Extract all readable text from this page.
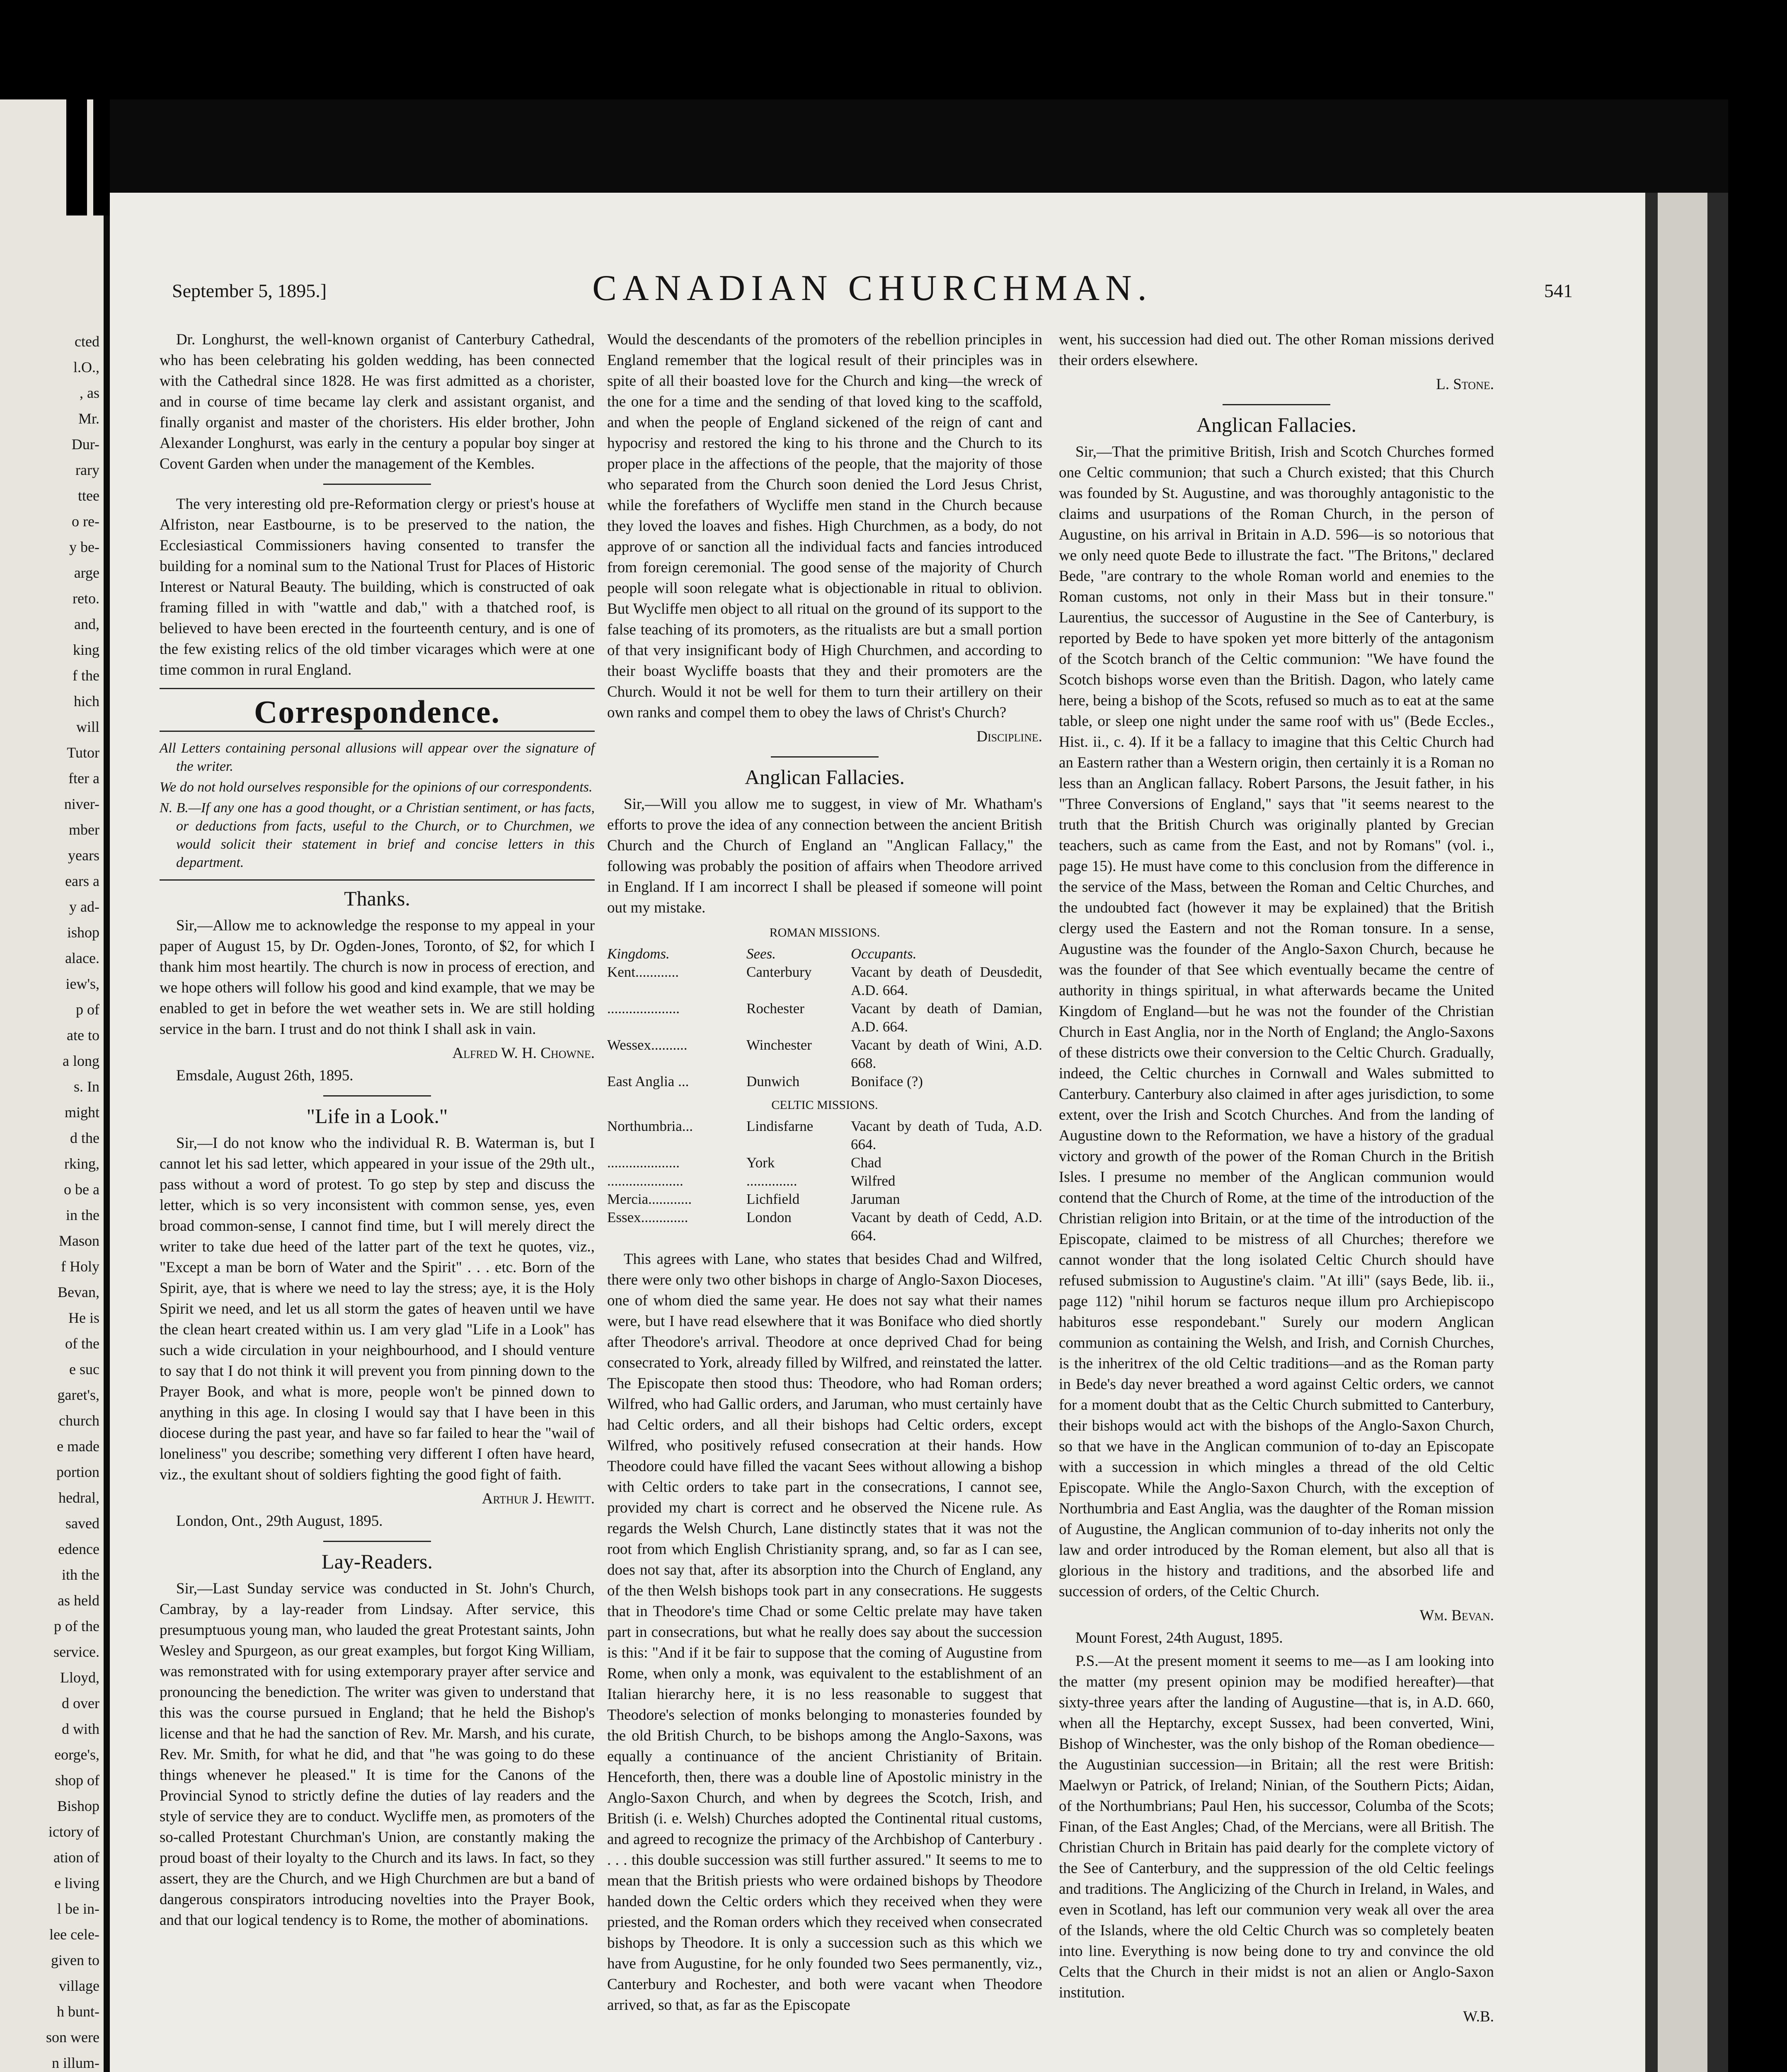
cted
l.O.,
, as
Mr.
Dur-
rary
ttee
o re-
y be-
arge
reto.
and,
king
f the
hich
will
Tutor
fter a
niver-
mber
years
ears a
y ad-
ishop
alace.
iew's,
p of
ate to
a long
s. In
might
d the
rking,
o be a
in the
Mason
f Holy
Bevan,
He is
of the
e suc
garet's,
church
e made
portion
hedral,
saved
edence
ith the
as held
p of the
service.
Lloyd,
d over
d with
eorge's,
shop of
Bishop
ictory of
ation of
e living
l be in-
lee cele-
given to
village
h bunt-
son were
n illum-
September 5, 1895.]	CANADIAN CHURCHMAN.	541

Dr. Longhurst, the well-known organist of Canterbury Cathedral, who has been celebrating his golden wedding, has been connected with the Cathedral since 1828. He was first admitted as a chorister, and in course of time became lay clerk and assistant organist, and finally organist and master of the choristers. His elder brother, John Alexander Longhurst, was early in the century a popular boy singer at Covent Garden when under the management of the Kembles.

The very interesting old pre-Reformation clergy or priest's house at Alfriston, near Eastbourne, is to be preserved to the nation, the Ecclesiastical Commissioners having consented to transfer the building for a nominal sum to the National Trust for Places of Historic Interest or Natural Beauty. The building, which is constructed of oak framing filled in with "wattle and dab," with a thatched roof, is believed to have been erected in the fourteenth century, and is one of the few existing relics of the old timber vicarages which were at one time common in rural England.

Correspondence.
All Letters containing personal allusions will appear over the signature of the writer.
We do not hold ourselves responsible for the opinions of our correspondents.
N. B.—If any one has a good thought, or a Christian sentiment, or has facts, or deductions from facts, useful to the Church, or to Churchmen, we would solicit their statement in brief and concise letters in this department.
Thanks.

Sir,—Allow me to acknowledge the response to my appeal in your paper of August 15, by Dr. Ogden-Jones, Toronto, of $2, for which I thank him most heartily. The church is now in process of erection, and we hope others will follow his good and kind example, that we may be enabled to get in before the wet weather sets in. We are still holding service in the barn. I trust and do not think I shall ask in vain.

Alfred W. H. Chowne.
Emsdale, August 26th, 1895.
"Life in a Look."

Sir,—I do not know who the individual R. B. Waterman is, but I cannot let his sad letter, which appeared in your issue of the 29th ult., pass without a word of protest. To go step by step and discuss the letter, which is so very inconsistent with common sense, yes, even broad common-sense, I cannot find time, but I will merely direct the writer to take due heed of the latter part of the text he quotes, viz., "Except a man be born of Water and the Spirit" . . . etc. Born of the Spirit, aye, that is where we need to lay the stress; aye, it is the Holy Spirit we need, and let us all storm the gates of heaven until we have the clean heart created within us. I am very glad "Life in a Look" has such a wide circulation in your neighbourhood, and I should venture to say that I do not think it will prevent you from pinning down to the Prayer Book, and what is more, people won't be pinned down to anything in this age. In closing I would say that I have been in this diocese during the past year, and have so far failed to hear the "wail of loneliness" you describe; something very different I often have heard, viz., the exultant shout of soldiers fighting the good fight of faith.

Arthur J. Hewitt.
London, Ont., 29th August, 1895.
Lay-Readers.

Sir,—Last Sunday service was conducted in St. John's Church, Cambray, by a lay-reader from Lindsay. After service, this presumptuous young man, who lauded the great Protestant saints, John Wesley and Spurgeon, as our great examples, but forgot King William, was remonstrated with for using extemporary prayer after service and pronouncing the benediction. The writer was given to understand that this was the course pursued in England; that he held the Bishop's license and that he had the sanction of Rev. Mr. Marsh, and his curate, Rev. Mr. Smith, for what he did, and that "he was going to do these things whenever he pleased." It is time for the Canons of the Provincial Synod to strictly define the duties of lay readers and the style of service they are to conduct. Wycliffe men, as promoters of the so-called Protestant Churchman's Union, are constantly making the proud boast of their loyalty to the Church and its laws. In fact, so they assert, they are the Church, and we High Churchmen are but a band of dangerous conspirators introducing novelties into the Prayer Book, and that our logical tendency is to Rome, the mother of abominations.

Would the descendants of the promoters of the rebellion principles in England remember that the logical result of their principles was in spite of all their boasted love for the Church and king—the wreck of the one for a time and the sending of that loved king to the scaffold, and when the people of England sickened of the reign of cant and hypocrisy and restored the king to his throne and the Church to its proper place in the affections of the people, that the majority of those who separated from the Church soon denied the Lord Jesus Christ, while the forefathers of Wycliffe men stand in the Church because they loved the loaves and fishes. High Churchmen, as a body, do not approve of or sanction all the individual facts and fancies introduced from foreign ceremonial. The good sense of the majority of Church people will soon relegate what is objectionable in ritual to oblivion. But Wycliffe men object to all ritual on the ground of its support to the false teaching of its promoters, as the ritualists are but a small portion of that very insignificant body of High Churchmen, and according to their boast Wycliffe boasts that they and their promoters are the Church. Would it not be well for them to turn their artillery on their own ranks and compel them to obey the laws of Christ's Church?

Discipline.
Anglican Fallacies.

Sir,—Will you allow me to suggest, in view of Mr. Whatham's efforts to prove the idea of any connection between the ancient British Church and the Church of England an "Anglican Fallacy," the following was probably the position of affairs when Theodore arrived in England. If I am incorrect I shall be pleased if someone will point out my mistake.

ROMAN MISSIONS.
Kingdoms.	Sees.	Occupants.
Kent............	Canterbury	Vacant by death of Deusdedit, A.D. 664.
....................	Rochester	Vacant by death of Damian, A.D. 664.
Wessex..........	Winchester	Vacant by death of Wini, A.D. 668.
East Anglia ...	Dunwich	Boniface (?)
CELTIC MISSIONS.
Northumbria...	Lindisfarne	Vacant by death of Tuda, A.D. 664.
....................	York	Chad
.....................	..............	Wilfred
Mercia............	Lichfield	Jaruman
Essex.............	London	Vacant by death of Cedd, A.D. 664.

This agrees with Lane, who states that besides Chad and Wilfred, there were only two other bishops in charge of Anglo-Saxon Dioceses, one of whom died the same year. He does not say what their names were, but I have read elsewhere that it was Boniface who died shortly after Theodore's arrival. Theodore at once deprived Chad for being consecrated to York, already filled by Wilfred, and reinstated the latter. The Episcopate then stood thus: Theodore, who had Roman orders; Wilfred, who had Gallic orders, and Jaruman, who must certainly have had Celtic orders, and all their bishops had Celtic orders, except Wilfred, who positively refused consecration at their hands. How Theodore could have filled the vacant Sees without allowing a bishop with Celtic orders to take part in the consecrations, I cannot see, provided my chart is correct and he observed the Nicene rule. As regards the Welsh Church, Lane distinctly states that it was not the root from which English Christianity sprang, and, so far as I can see, does not say that, after its absorption into the Church of England, any of the then Welsh bishops took part in any consecrations. He suggests that in Theodore's time Chad or some Celtic prelate may have taken part in consecrations, but what he really does say about the succession is this: "And if it be fair to suppose that the coming of Augustine from Rome, when only a monk, was equivalent to the establishment of an Italian hierarchy here, it is no less reasonable to suggest that Theodore's selection of monks belonging to monasteries founded by the old British Church, to be bishops among the Anglo-Saxons, was equally a continuance of the ancient Christianity of Britain. Henceforth, then, there was a double line of Apostolic ministry in the Anglo-Saxon Church, and when by degrees the Scotch, Irish, and British (i. e. Welsh) Churches adopted the Continental ritual customs, and agreed to recognize the primacy of the Archbishop of Canterbury . . . . this double succession was still further assured." It seems to me to mean that the British priests who were ordained bishops by Theodore handed down the Celtic orders which they received when they were priested, and the Roman orders which they received when consecrated bishops by Theodore. It is only a succession such as this which we have from Augustine, for he only founded two Sees permanently, viz., Canterbury and Rochester, and both were vacant when Theodore arrived, so that, as far as the Episcopate

went, his succession had died out. The other Roman missions derived their orders elsewhere.

L. Stone.
Anglican Fallacies.

Sir,—That the primitive British, Irish and Scotch Churches formed one Celtic communion; that such a Church existed; that this Church was founded by St. Augustine, and was thoroughly antagonistic to the claims and usurpations of the Roman Church, in the person of Augustine, on his arrival in Britain in A.D. 596—is so notorious that we only need quote Bede to illustrate the fact. "The Britons," declared Bede, "are contrary to the whole Roman world and enemies to the Roman customs, not only in their Mass but in their tonsure." Laurentius, the successor of Augustine in the See of Canterbury, is reported by Bede to have spoken yet more bitterly of the antagonism of the Scotch branch of the Celtic communion: "We have found the Scotch bishops worse even than the British. Dagon, who lately came here, being a bishop of the Scots, refused so much as to eat at the same table, or sleep one night under the same roof with us" (Bede Eccles., Hist. ii., c. 4). If it be a fallacy to imagine that this Celtic Church had an Eastern rather than a Western origin, then certainly it is a Roman no less than an Anglican fallacy. Robert Parsons, the Jesuit father, in his "Three Conversions of England," says that "it seems nearest to the truth that the British Church was originally planted by Grecian teachers, such as came from the East, and not by Romans" (vol. i., page 15). He must have come to this conclusion from the difference in the service of the Mass, between the Roman and Celtic Churches, and the undoubted fact (however it may be explained) that the British clergy used the Eastern and not the Roman tonsure. In a sense, Augustine was the founder of the Anglo-Saxon Church, because he was the founder of that See which eventually became the centre of authority in things spiritual, in what afterwards became the United Kingdom of England—but he was not the founder of the Christian Church in East Anglia, nor in the North of England; the Anglo-Saxons of these districts owe their conversion to the Celtic Church. Gradually, indeed, the Celtic churches in Cornwall and Wales submitted to Canterbury. Canterbury also claimed in after ages jurisdiction, to some extent, over the Irish and Scotch Churches. And from the landing of Augustine down to the Reformation, we have a history of the gradual victory and growth of the power of the Roman Church in the British Isles. I presume no member of the Anglican communion would contend that the Church of Rome, at the time of the introduction of the Christian religion into Britain, or at the time of the introduction of the Episcopate, claimed to be mistress of all Churches; therefore we cannot wonder that the long isolated Celtic Church should have refused submission to Augustine's claim. "At illi" (says Bede, lib. ii., page 112) "nihil horum se facturos neque illum pro Archiepiscopo habituros esse respondebant." Surely our modern Anglican communion as containing the Welsh, and Irish, and Cornish Churches, is the inheritrex of the old Celtic traditions—and as the Roman party in Bede's day never breathed a word against Celtic orders, we cannot for a moment doubt that as the Celtic Church submitted to Canterbury, their bishops would act with the bishops of the Anglo-Saxon Church, so that we have in the Anglican communion of to-day an Episcopate with a succession in which mingles a thread of the old Celtic Episcopate. While the Anglo-Saxon Church, with the exception of Northumbria and East Anglia, was the daughter of the Roman mission of Augustine, the Anglican communion of to-day inherits not only the law and order introduced by the Roman element, but also all that is glorious in the history and traditions, and the absorbed life and succession of orders, of the Celtic Church.

Wm. Bevan.
Mount Forest, 24th August, 1895.

P.S.—At the present moment it seems to me—as I am looking into the matter (my present opinion may be modified hereafter)—that sixty-three years after the landing of Augustine—that is, in A.D. 660, when all the Heptarchy, except Sussex, had been converted, Wini, Bishop of Winchester, was the only bishop of the Roman obedience—the Augustinian succession—in Britain; all the rest were British: Maelwyn or Patrick, of Ireland; Ninian, of the Southern Picts; Aidan, of the Northumbrians; Paul Hen, his successor, Columba of the Scots; Finan, of the East Angles; Chad, of the Mercians, were all British. The Christian Church in Britain has paid dearly for the complete victory of the See of Canterbury, and the suppression of the old Celtic feelings and traditions. The Anglicizing of the Church in Ireland, in Wales, and even in Scotland, has left our communion very weak all over the area of the Islands, where the old Celtic Church was so completely beaten into line. Everything is now being done to try and convince the old Celts that the Church in their midst is not an alien or Anglo-Saxon institution.

W.B.
